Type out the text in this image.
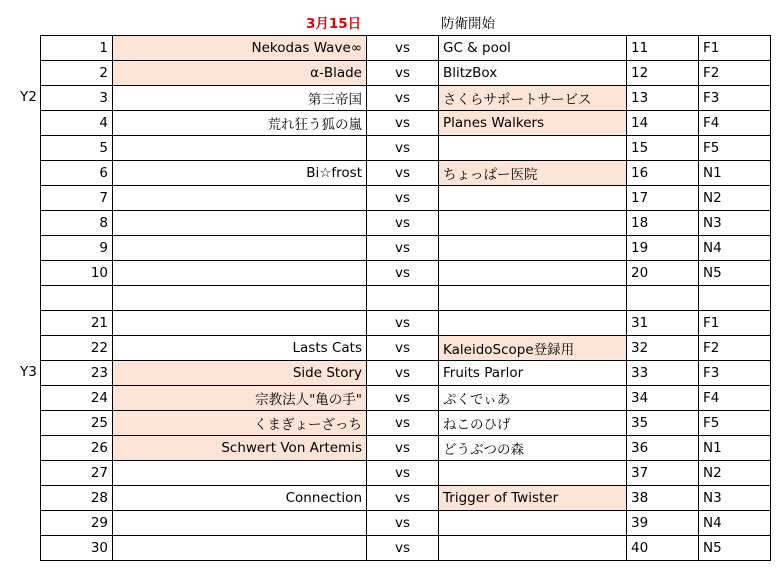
3月15日	防衛開始
Y2
Y3
1	Nekodas Wave∞	vs	GC & pool	11	F1
2	α-Blade	vs	BlitzBox	12	F2
3	第三帝国	vs	さくらサポートサービス	13	F3
4	荒れ狂う狐の嵐	vs	Planes Walkers	14	F4
5		vs		15	F5
6	Bi☆frost	vs	ちょっぱー医院	16	N1
7		vs		17	N2
8		vs		18	N3
9		vs		19	N4
10		vs		20	N5

21		vs		31	F1
22	Lasts Cats	vs	KaleidoScope登録用	32	F2
23	Side Story	vs	Fruits Parlor	33	F3
24	宗教法人"亀の手"	vs	ぷくでぃあ	34	F4
25	くまぎょーざっち	vs	ねこのひげ	35	F5
26	Schwert Von Artemis	vs	どうぶつの森	36	N1
27		vs		37	N2
28	Connection	vs	Trigger of Twister	38	N3
29		vs		39	N4
30		vs		40	N5
